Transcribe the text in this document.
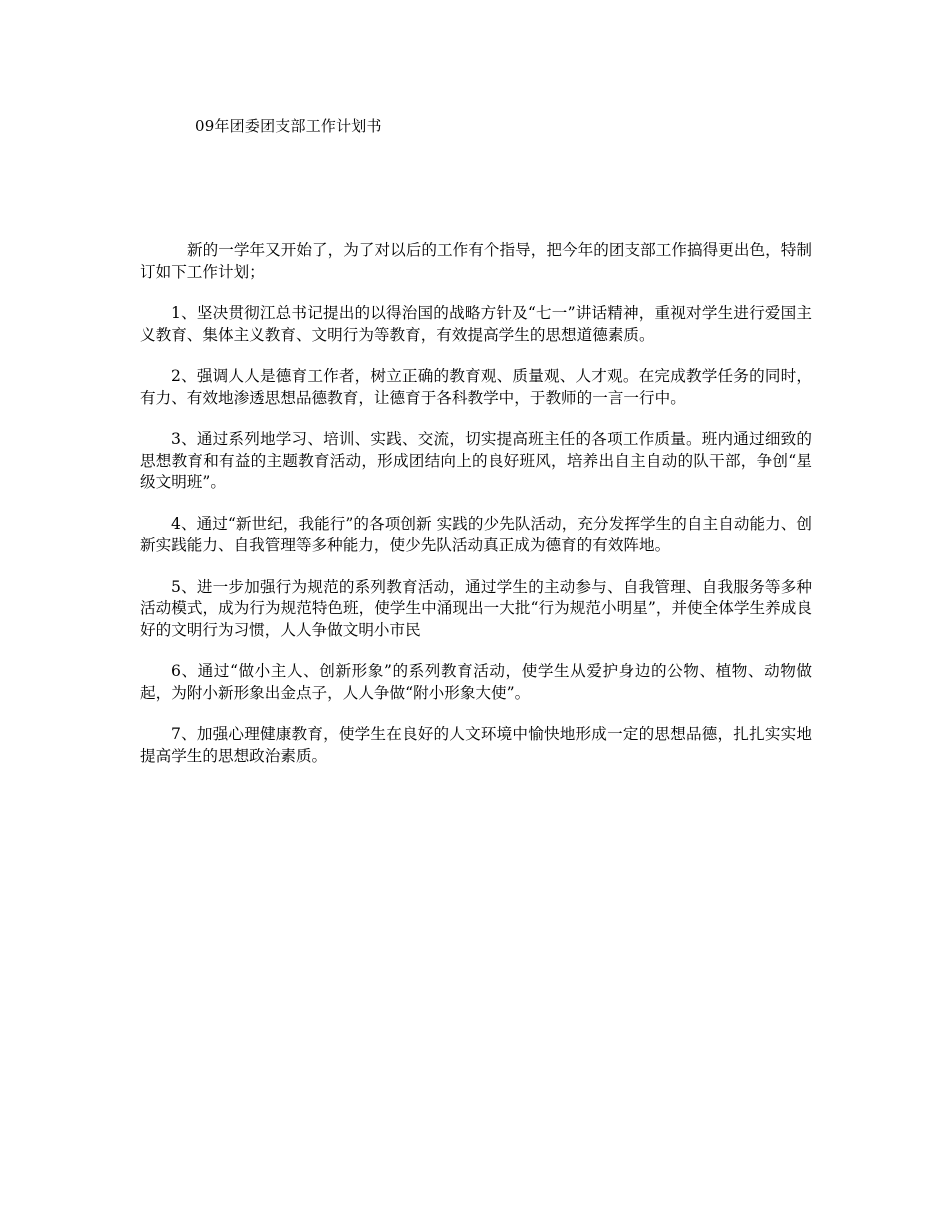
09年团委团支部工作计划书

新的一学年又开始了，为了对以后的工作有个指导，把今年的团支部工作搞得更出色，特制订如下工作计划；

1、坚决贯彻江总书记提出的以得治国的战略方针及“七一”讲话精神，重视对学生进行爱国主义教育、集体主义教育、文明行为等教育，有效提高学生的思想道德素质。

2、强调人人是德育工作者，树立正确的教育观、质量观、人才观。在完成教学任务的同时，有力、有效地渗透思想品德教育，让德育于各科教学中，于教师的一言一行中。

3、通过系列地学习、培训、实践、交流，切实提高班主任的各项工作质量。班内通过细致的思想教育和有益的主题教育活动，形成团结向上的良好班风，培养出自主自动的队干部，争创“星级文明班”。

4、通过“新世纪，我能行”的各项创新 实践的少先队活动，充分发挥学生的自主自动能力、创新实践能力、自我管理等多种能力，使少先队活动真正成为德育的有效阵地。

5、进一步加强行为规范的系列教育活动，通过学生的主动参与、自我管理、自我服务等多种活动模式，成为行为规范特色班，使学生中涌现出一大批“行为规范小明星”，并使全体学生养成良好的文明行为习惯，人人争做文明小市民

6、通过“做小主人、创新形象”的系列教育活动，使学生从爱护身边的公物、植物、动物做起，为附小新形象出金点子，人人争做“附小形象大使”。

7、加强心理健康教育，使学生在良好的人文环境中愉快地形成一定的思想品德，扎扎实实地提高学生的思想政治素质。
